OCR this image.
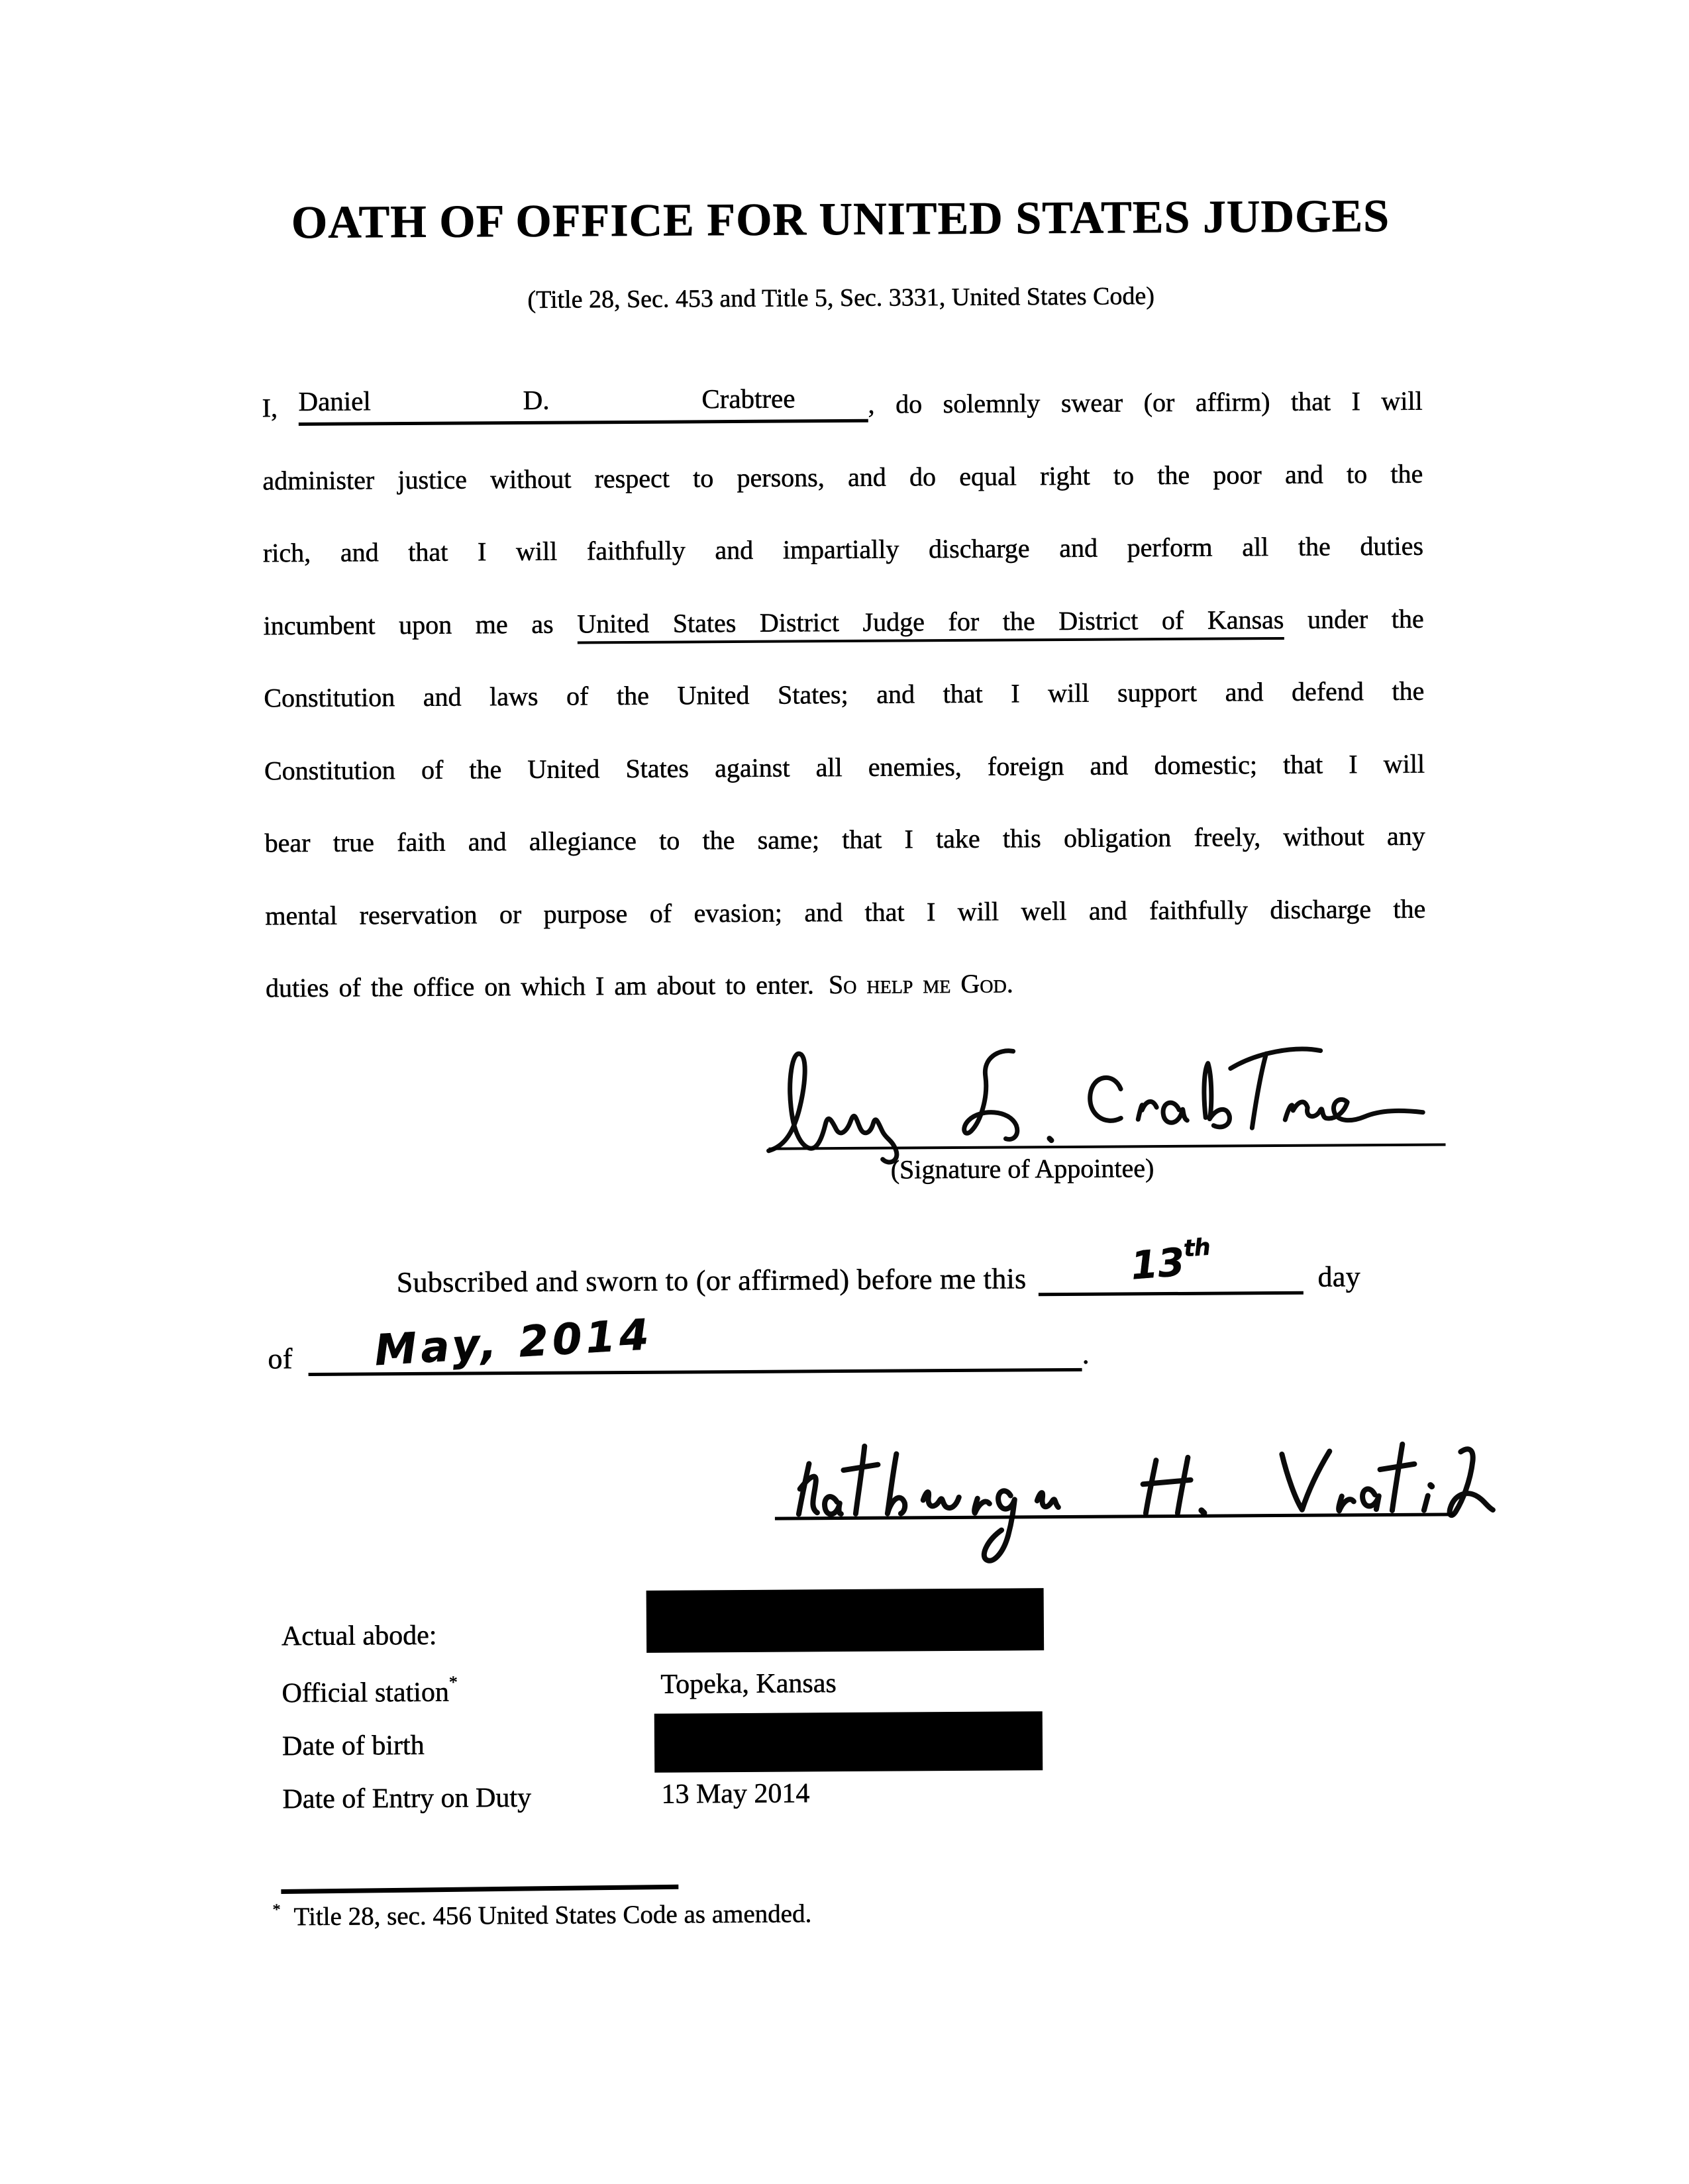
OATH OF OFFICE FOR UNITED STATES JUDGES
(Title 28, Sec. 453 and Title 5, Sec. 3331, United States Code)
I, Daniel D. Crabtree	, do solemnly swear (or affirm) that I will
administer justice without respect to persons, and do equal right to the poor and to the
rich, and that I will faithfully and impartially discharge and perform all the duties
incumbent upon me as United States District Judge for the District of Kansas under the
Constitution and laws of the United States; and that I will support and defend the
Constitution of the United States against all enemies, foreign and domestic; that I will
bear true faith and allegiance to the same; that I take this obligation freely, without any
mental reservation or purpose of evasion; and that I will well and faithfully discharge the
duties of the office on which I am about to enter. So help me God.
(Signature of Appointee)
Subscribed and sworn to (or affirmed) before me this	13th
day
of May, 2014	.
Actual abode:
Official station*	Topeka, Kansas
Date of birth
Date of Entry on Duty	13 May 2014
* Title 28, sec. 456 United States Code as amended.
